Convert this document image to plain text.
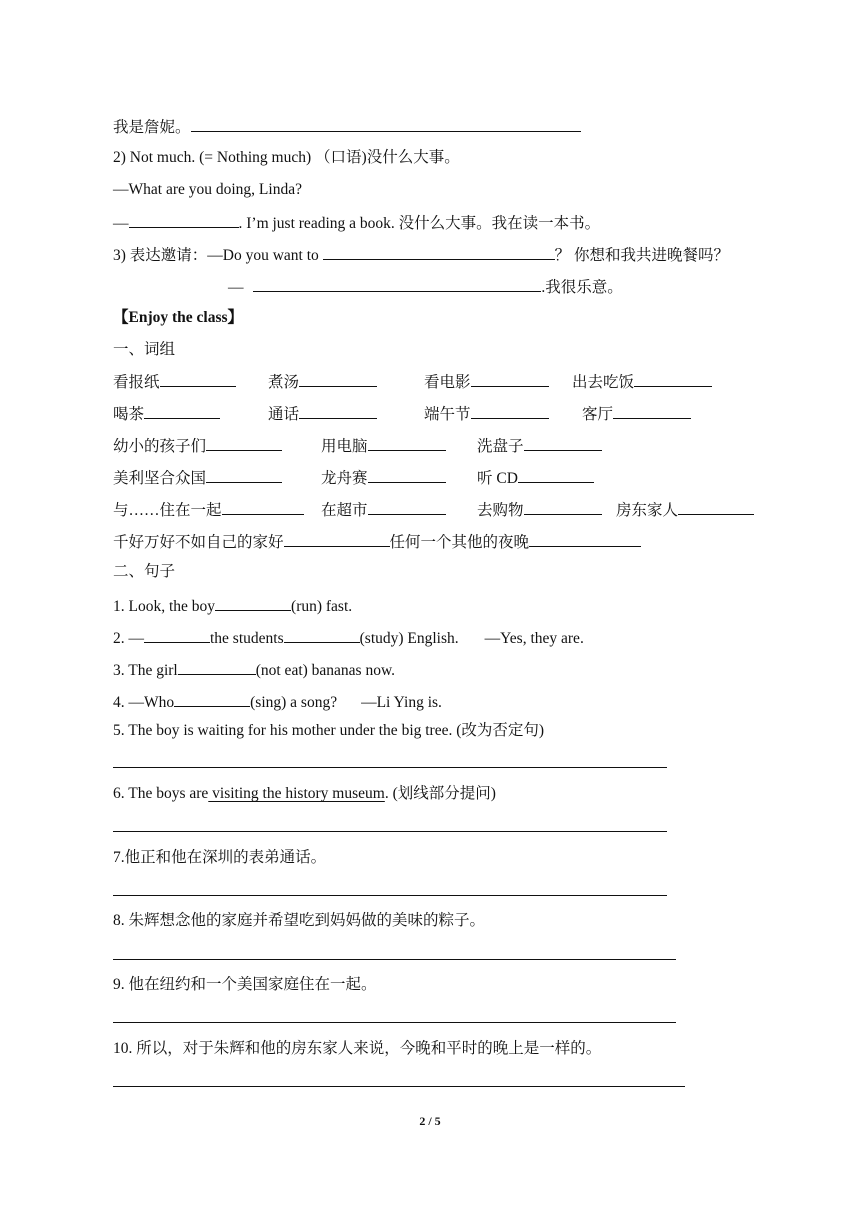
我是詹妮。
2) Not much. (= Nothing much) （口语)没什么大事。
—What are you doing, Linda?
—	. I’m just reading a book. 没什么大事。我在读一本书。
3) 表达邀请：—Do you want to	？ 你想和我共进晚餐吗？
—	.我很乐意。
【Enjoy the class】
一、词组
看报纸	煮汤	看电影	出去吃饭
喝茶	通话	端午节	客厅
幼小的孩子们	用电脑	洗盘子
美利坚合众国	龙舟赛	听 CD
与……住在一起	在超市	去购物	房东家人
千好万好不如自己的家好	任何一个其他的夜晚
二、句子
1. Look, the boy	(run) fast.
2. —	the students	(study) English. —Yes, they are.
3. The girl	(not eat) bananas now.
4. —Who	(sing) a song? —Li Ying is.
5. The boy is waiting for his mother under the big tree. (改为否定句)
6. The boys are visiting the history museum. (划线部分提问)
7.他正和他在深圳的表弟通话。
8. 朱辉想念他的家庭并希望吃到妈妈做的美味的粽子。
9. 他在纽约和一个美国家庭住在一起。
10. 所以，对于朱辉和他的房东家人来说，今晚和平时的晚上是一样的。
2 / 5
